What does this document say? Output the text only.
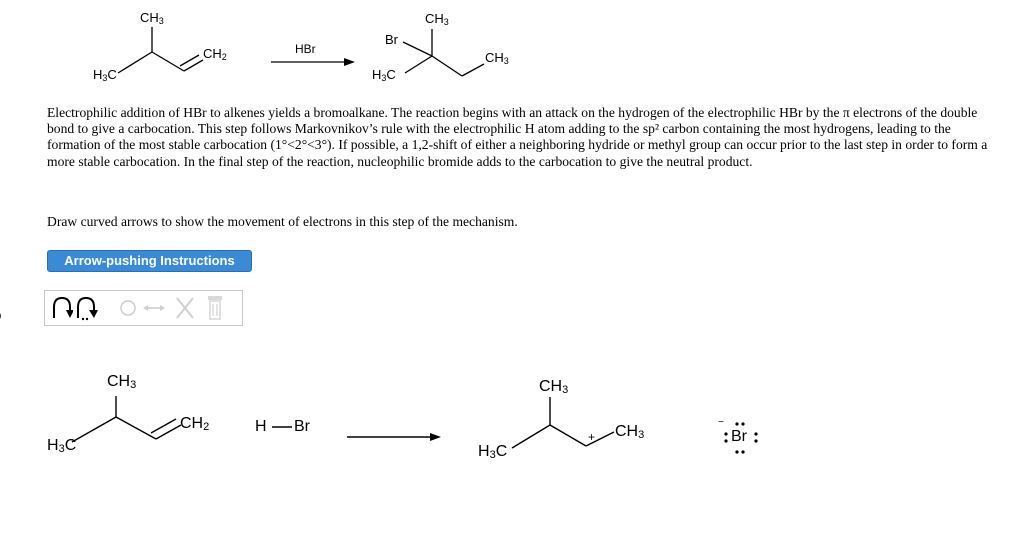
$CH_3$
$CH_2$
$H_3C$
HBr
Br
$CH_3$
$CH_3$
$H_3C$

Electrophilic addition of HBr to alkenes yields a bromoalkane. The reaction begins with an attack on the hydrogen of the electrophilic HBr by the π electrons of the double bond to give a carbocation. This step follows Markovnikov’s rule with the electrophilic H atom adding to the sp² carbon containing the most hydrogens, leading to the formation of the most stable carbocation (1°<2°<3°). If possible, a 1,2-shift of either a neighboring hydride or methyl group can occur prior to the last step in order to form a more stable carbocation. In the final step of the reaction, nucleophilic bromide adds to the carbocation to give the neutral product.

Draw curved arrows to show the movement of electrons in this step of the mechanism.

Arrow-pushing Instructions
$CH_3$
$CH_2$
$H_3C$
H Br
$CH_3$
+ $CH_3$
$H_3C$
−
Br
